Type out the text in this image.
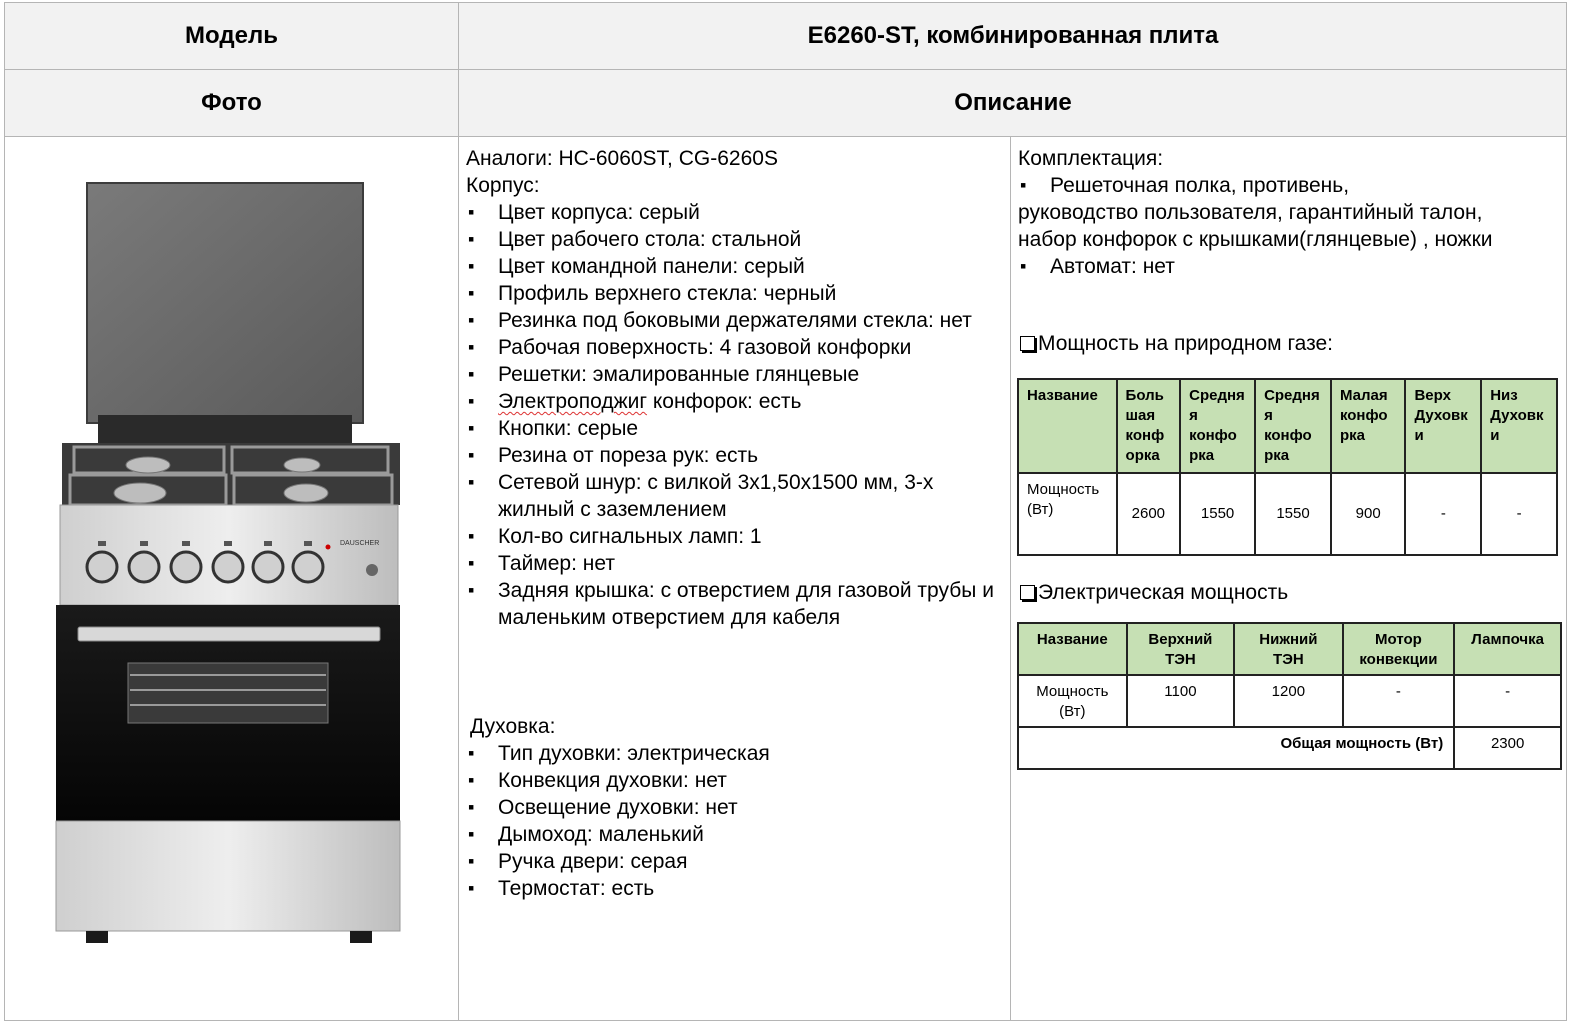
Модель	E6260-ST, комбинированная плита
Фото	Описание
DAUSCHER
Аналоги: HC-6060ST, CG-6260S
Корпус:
▪ Цвет корпуса: серый
▪ Цвет рабочего стола: стальной
▪ Цвет командной панели: серый
▪ Профиль верхнего стекла: черный
▪ Резинка под боковыми держателями стекла: нет
▪ Рабочая поверхность: 4 газовой конфорки
▪ Решетки: эмалированные глянцевые
▪ Электроподжиг конфорок: есть
▪ Кнопки: серые
▪ Резина от пореза рук: есть
▪ Сетевой шнур: с вилкой 3х1,50х1500 мм, 3-х жилный с заземлением
▪ Кол-во сигнальных ламп: 1
▪ Таймер: нет
▪ Задняя крышка: с отверстием для газовой трубы и маленьким отверстием для кабеля
Духовка:
▪ Тип духовки: электрическая
▪ Конвекция духовки: нет
▪ Освещение духовки: нет
▪ Дымоход: маленький
▪ Ручка двери: серая
▪ Термостат: есть
Комплектация:
▪ Решеточная полка, противень,
руководство пользователя, гарантийный талон, набор конфорок с крышками(глянцевые) , ножки
▪ Автомат: нет
Мощность на природном газе:
Название	Боль шая конф орка	Средня я конфо рка	Средня я конфо рка	Малая конфо рка	Верх Духовк и	Низ Духовк и
Мощность (Вт)	2600	1550	1550	900	-	-
Электрическая мощность
Название	Верхний ТЭН	Нижний ТЭН	Мотор конвекции	Лампочка
Мощность (Вт)	1100	1200	-	-
Общая мощность (Вт)				2300
